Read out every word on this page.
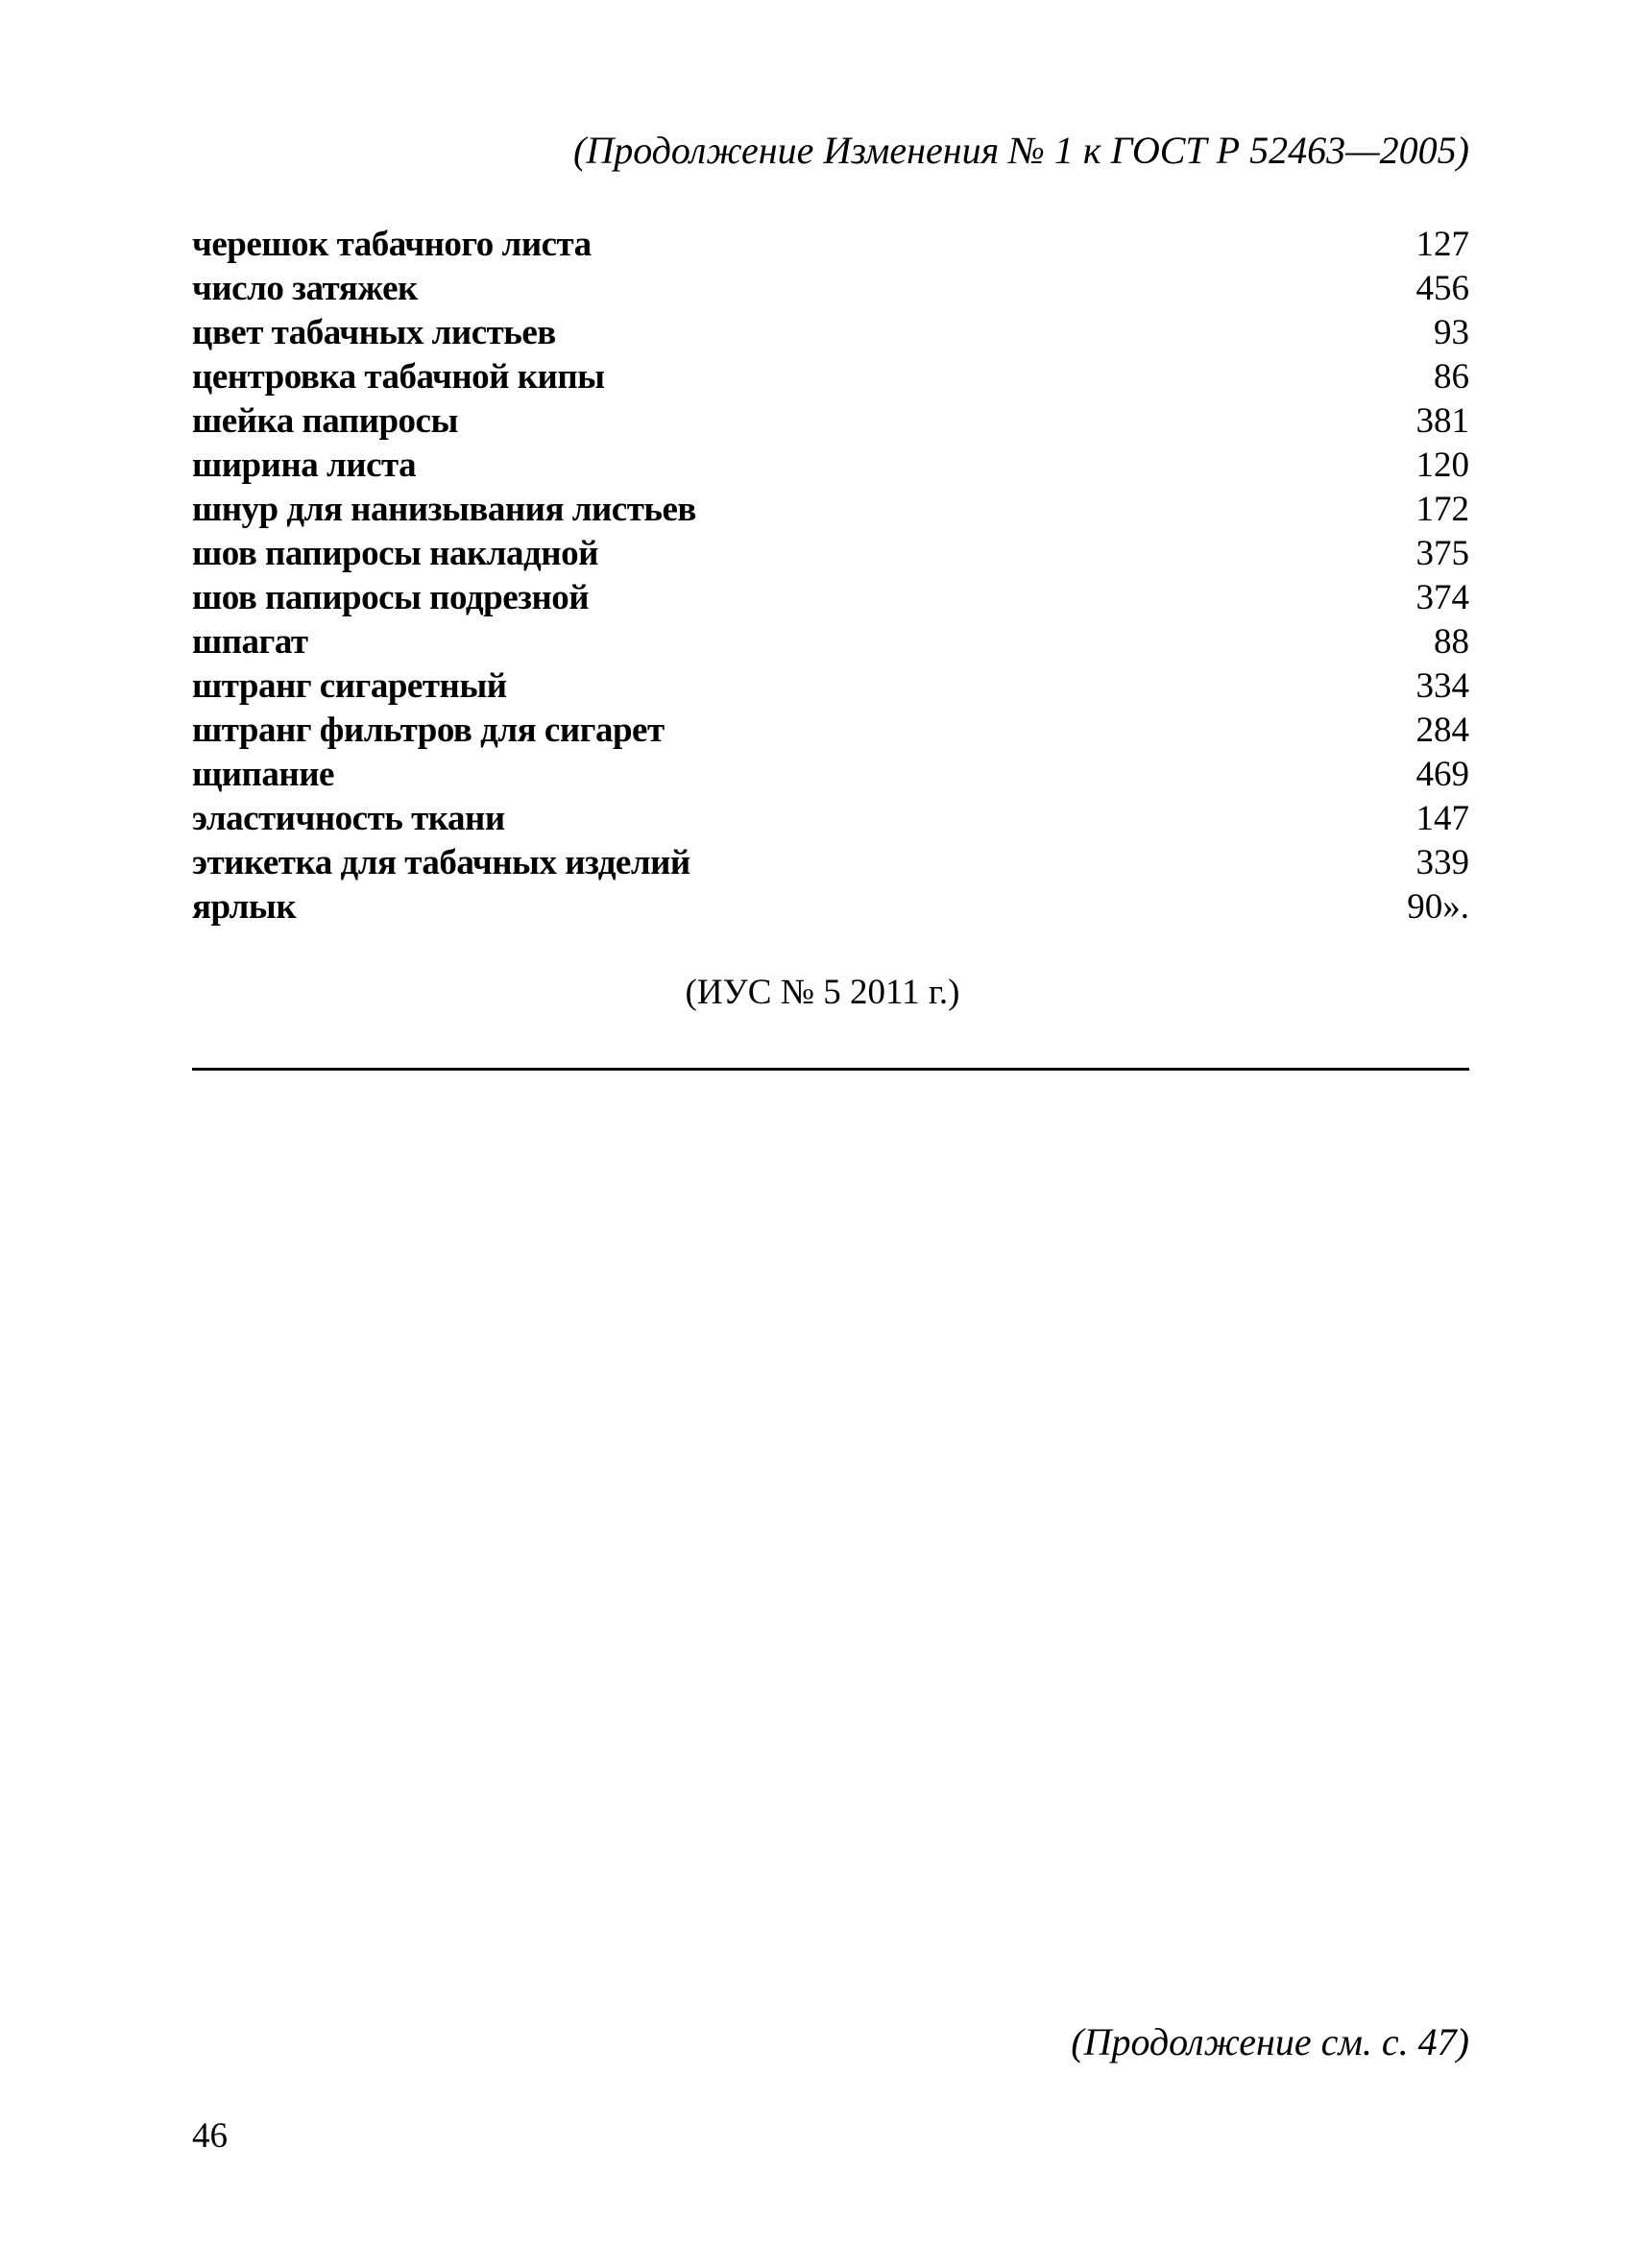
(Продолжение Изменения № 1 к ГОСТ Р 52463—2005)
черешок табачного листа	127
число затяжек	456
цвет табачных листьев	93
центровка табачной кипы	86
шейка папиросы	381
ширина листа	120
шнур для нанизывания листьев	172
шов папиросы накладной	375
шов папиросы подрезной	374
шпагат	88
штранг сигаретный	334
штранг фильтров для сигарет	284
щипание	469
эластичность ткани	147
этикетка для табачных изделий	339
ярлык	90».
(ИУС № 5 2011 г.)
(Продолжение см. с. 47)
46
